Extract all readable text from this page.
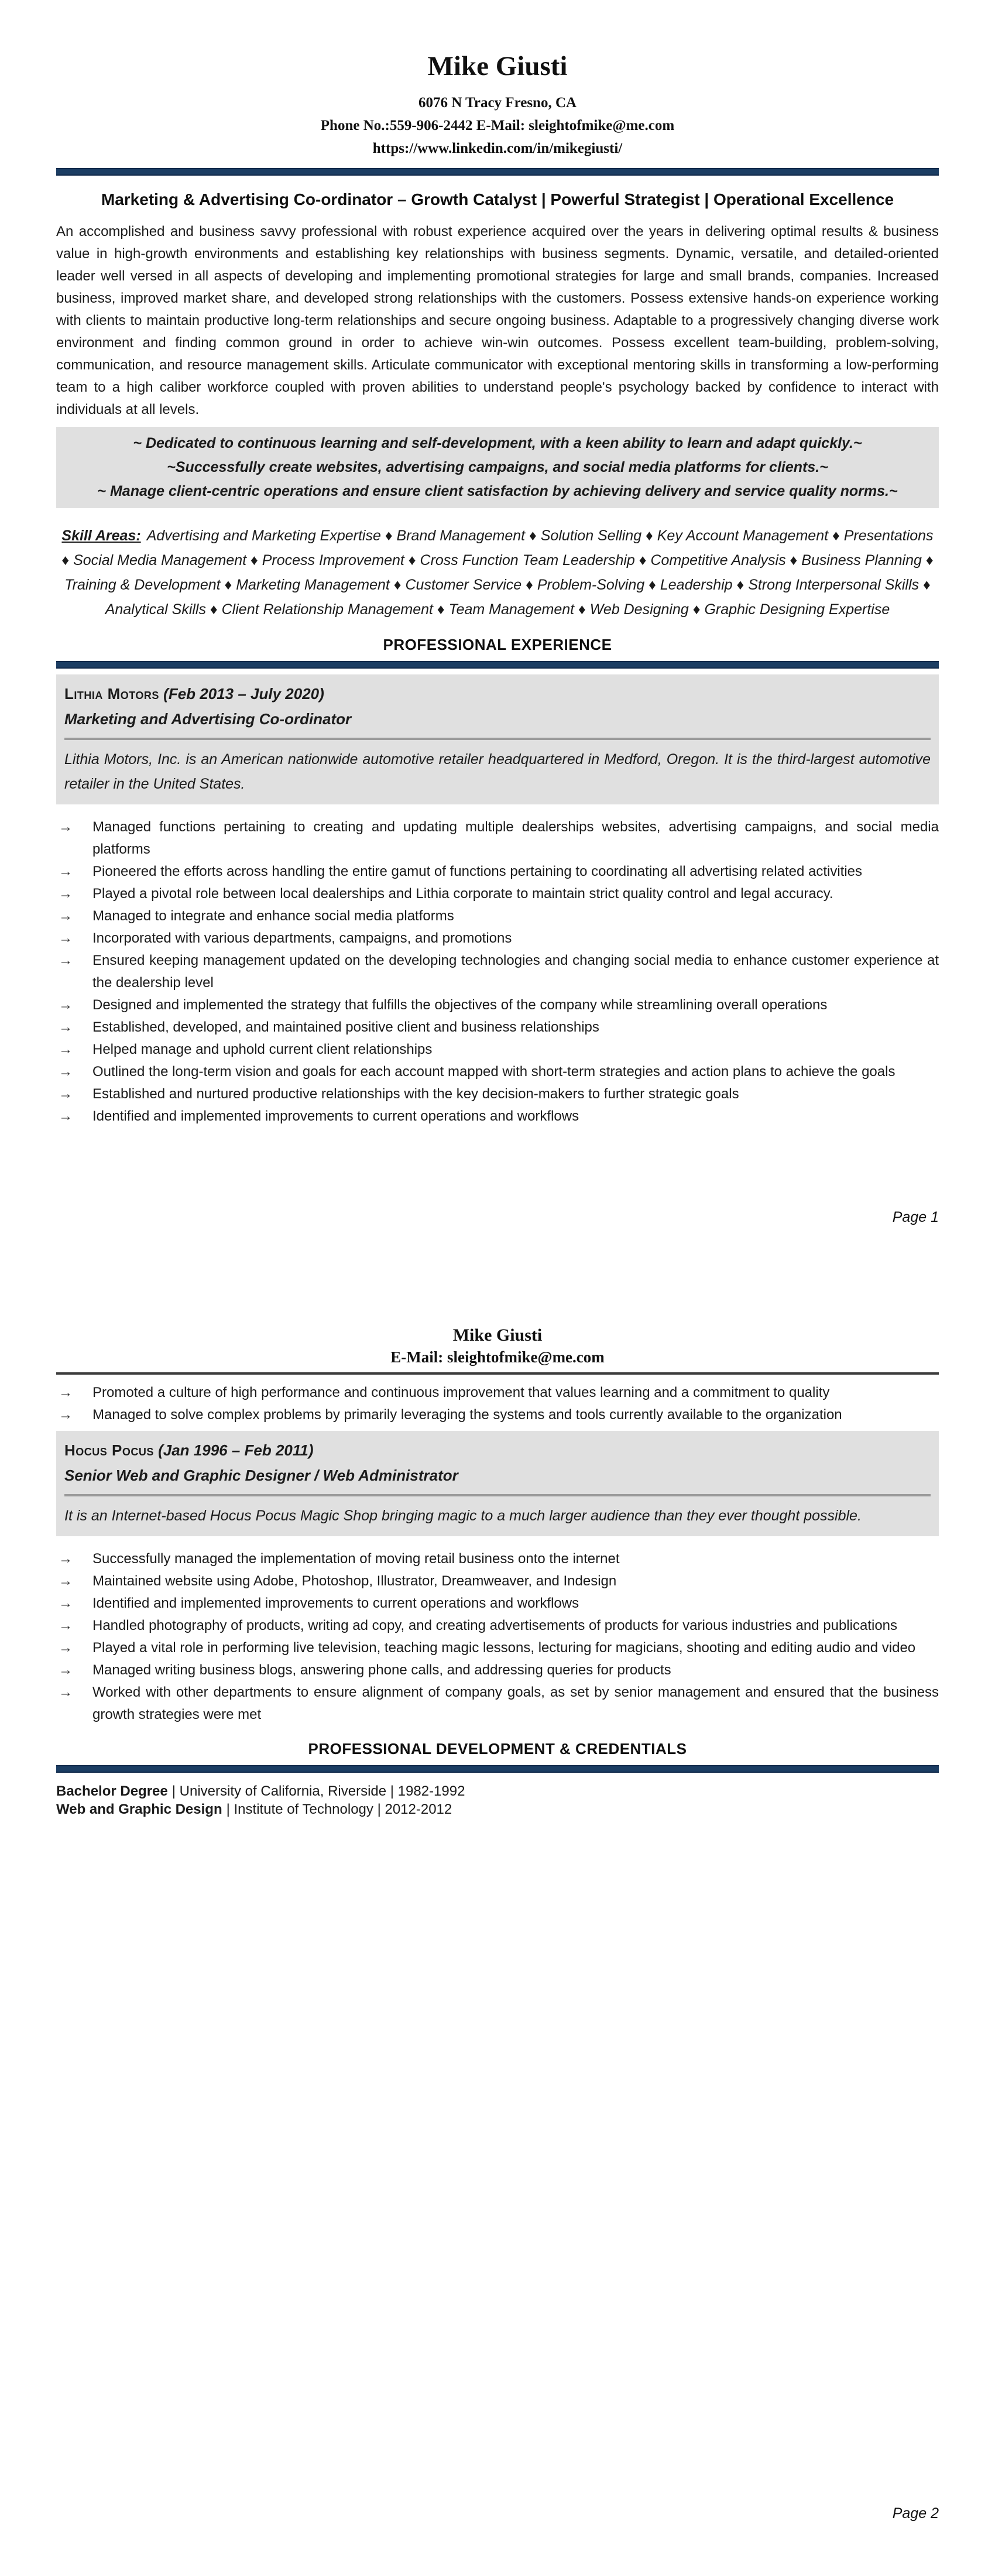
Mike Giusti

6076 N Tracy Fresno, CA

Phone No.:559-906-2442 E-Mail: sleightofmike@me.com

https://www.linkedin.com/in/mikegiusti/

Marketing & Advertising Co-ordinator – Growth Catalyst | Powerful Strategist | Operational Excellence

An accomplished and business savvy professional with robust experience acquired over the years in delivering optimal results & business value in high-growth environments and establishing key relationships with business segments. Dynamic, versatile, and detailed-oriented leader well versed in all aspects of developing and implementing promotional strategies for large and small brands, companies. Increased business, improved market share, and developed strong relationships with the customers. Possess extensive hands-on experience working with clients to maintain productive long-term relationships and secure ongoing business. Adaptable to a progressively changing diverse work environment and finding common ground in order to achieve win-win outcomes. Possess excellent team-building, problem-solving, communication, and resource management skills. Articulate communicator with exceptional mentoring skills in transforming a low-performing team to a high caliber workforce coupled with proven abilities to understand people's psychology backed by confidence to interact with individuals at all levels.

~ Dedicated to continuous learning and self-development, with a keen ability to learn and adapt quickly.~

~Successfully create websites, advertising campaigns, and social media platforms for clients.~

~ Manage client-centric operations and ensure client satisfaction by achieving delivery and service quality norms.~

Skill Areas: Advertising and Marketing Expertise ♦ Brand Management ♦ Solution Selling ♦ Key Account Management ♦ Presentations ♦ Social Media Management ♦ Process Improvement ♦ Cross Function Team Leadership ♦ Competitive Analysis ♦ Business Planning ♦ Training & Development ♦ Marketing Management ♦ Customer Service ♦ Problem-Solving ♦ Leadership ♦ Strong Interpersonal Skills ♦ Analytical Skills ♦ Client Relationship Management ♦ Team Management ♦ Web Designing ♦ Graphic Designing Expertise

PROFESSIONAL EXPERIENCE

Lithia Motors (Feb 2013 – July 2020)

Marketing and Advertising Co-ordinator

Lithia Motors, Inc. is an American nationwide automotive retailer headquartered in Medford, Oregon. It is the third-largest automotive retailer in the United States.

→	Managed functions pertaining to creating and updating multiple dealerships websites, advertising campaigns, and social media platforms
→	Pioneered the efforts across handling the entire gamut of functions pertaining to coordinating all advertising related activities
→	Played a pivotal role between local dealerships and Lithia corporate to maintain strict quality control and legal accuracy.
→	Managed to integrate and enhance social media platforms
→	Incorporated with various departments, campaigns, and promotions
→	Ensured keeping management updated on the developing technologies and changing social media to enhance customer experience at the dealership level
→	Designed and implemented the strategy that fulfills the objectives of the company while streamlining overall operations
→	Established, developed, and maintained positive client and business relationships
→	Helped manage and uphold current client relationships
→	Outlined the long-term vision and goals for each account mapped with short-term strategies and action plans to achieve the goals
→	Established and nurtured productive relationships with the key decision-makers to further strategic goals
→	Identified and implemented improvements to current operations and workflows
Page 1

Mike Giusti

E-Mail: sleightofmike@me.com

→	Promoted a culture of high performance and continuous improvement that values learning and a commitment to quality
→	Managed to solve complex problems by primarily leveraging the systems and tools currently available to the organization

Hocus Pocus (Jan 1996 – Feb 2011)

Senior Web and Graphic Designer / Web Administrator

It is an Internet-based Hocus Pocus Magic Shop bringing magic to a much larger audience than they ever thought possible.

→	Successfully managed the implementation of moving retail business onto the internet
→	Maintained website using Adobe, Photoshop, Illustrator, Dreamweaver, and Indesign
→	Identified and implemented improvements to current operations and workflows
→	Handled photography of products, writing ad copy, and creating advertisements of products for various industries and publications
→	Played a vital role in performing live television, teaching magic lessons, lecturing for magicians, shooting and editing audio and video
→	Managed writing business blogs, answering phone calls, and addressing queries for products
→	Worked with other departments to ensure alignment of company goals, as set by senior management and ensured that the business growth strategies were met
PROFESSIONAL DEVELOPMENT & CREDENTIALS

Bachelor Degree | University of California, Riverside | 1982-1992

Web and Graphic Design | Institute of Technology | 2012-2012

Page 2
